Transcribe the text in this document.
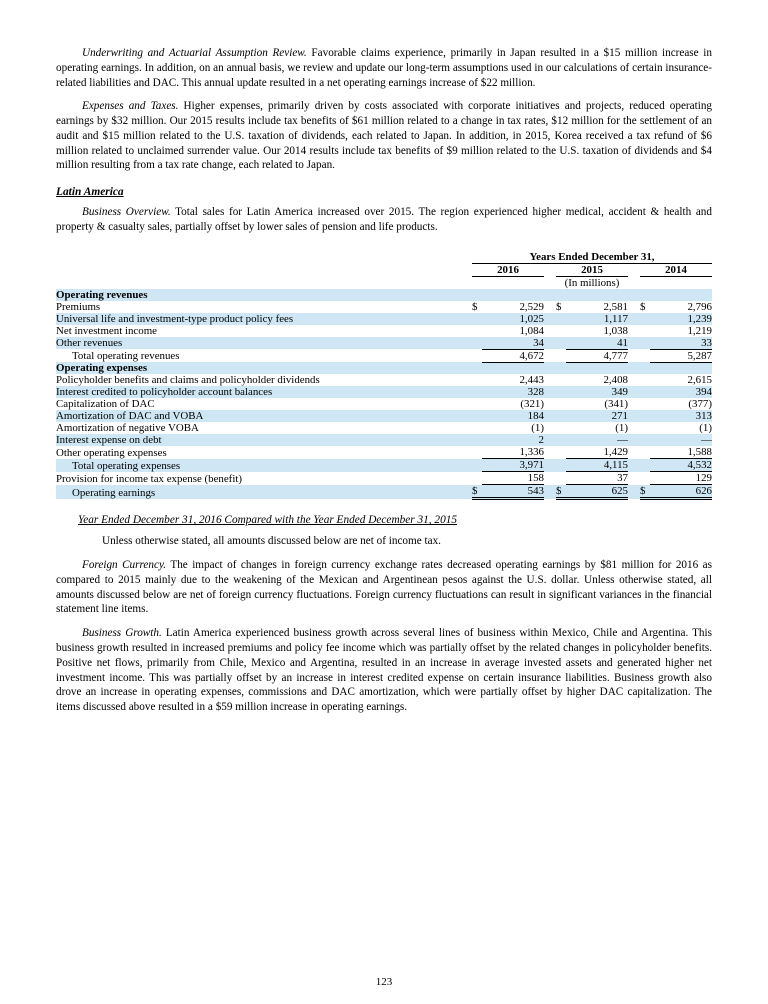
Underwriting and Actuarial Assumption Review. Favorable claims experience, primarily in Japan resulted in a $15 million increase in operating earnings. In addition, on an annual basis, we review and update our long-term assumptions used in our calculations of certain insurance-related liabilities and DAC. This annual update resulted in a net operating earnings increase of $22 million.

Expenses and Taxes. Higher expenses, primarily driven by costs associated with corporate initiatives and projects, reduced operating earnings by $32 million. Our 2015 results include tax benefits of $61 million related to a change in tax rates, $12 million for the settlement of an audit and $15 million related to the U.S. taxation of dividends, each related to Japan. In addition, in 2015, Korea received a tax refund of $6 million related to unclaimed surrender value. Our 2014 results include tax benefits of $9 million related to the U.S. taxation of dividends and $4 million resulting from a tax rate change, each related to Japan.

Latin America

Business Overview. Total sales for Latin America increased over 2015. The region experienced higher medical, accident & health and property & casualty sales, partially offset by lower sales of pension and life products.

	Years Ended December 31,							
	2016			2015			2014	
	(In millions)							
Operating revenues								
Premiums	$	2,529		$	2,581		$	2,796
Universal life and investment-type product policy fees		1,025			1,117			1,239
Net investment income		1,084			1,038			1,219
Other revenues		34			41			33
Total operating revenues		4,672			4,777			5,287
Operating expenses								
Policyholder benefits and claims and policyholder dividends		2,443			2,408			2,615
Interest credited to policyholder account balances		328			349			394
Capitalization of DAC		(321)			(341)			(377)
Amortization of DAC and VOBA		184			271			313
Amortization of negative VOBA		(1)			(1)			(1)
Interest expense on debt		2			—			—
Other operating expenses		1,336			1,429			1,588
Total operating expenses		3,971			4,115			4,532
Provision for income tax expense (benefit)		158			37			129
Operating earnings	$	543		$	625		$	626
Year Ended December 31, 2016 Compared with the Year Ended December 31, 2015

Unless otherwise stated, all amounts discussed below are net of income tax.

Foreign Currency. The impact of changes in foreign currency exchange rates decreased operating earnings by $81 million for 2016 as compared to 2015 mainly due to the weakening of the Mexican and Argentinean pesos against the U.S. dollar. Unless otherwise stated, all amounts discussed below are net of foreign currency fluctuations. Foreign currency fluctuations can result in significant variances in the financial statement line items.

Business Growth. Latin America experienced business growth across several lines of business within Mexico, Chile and Argentina. This business growth resulted in increased premiums and policy fee income which was partially offset by the related changes in policyholder benefits. Positive net flows, primarily from Chile, Mexico and Argentina, resulted in an increase in average invested assets and generated higher net investment income. This was partially offset by an increase in interest credited expense on certain insurance liabilities. Business growth also drove an increase in operating expenses, commissions and DAC amortization, which were partially offset by higher DAC capitalization. The items discussed above resulted in a $59 million increase in operating earnings.

123
